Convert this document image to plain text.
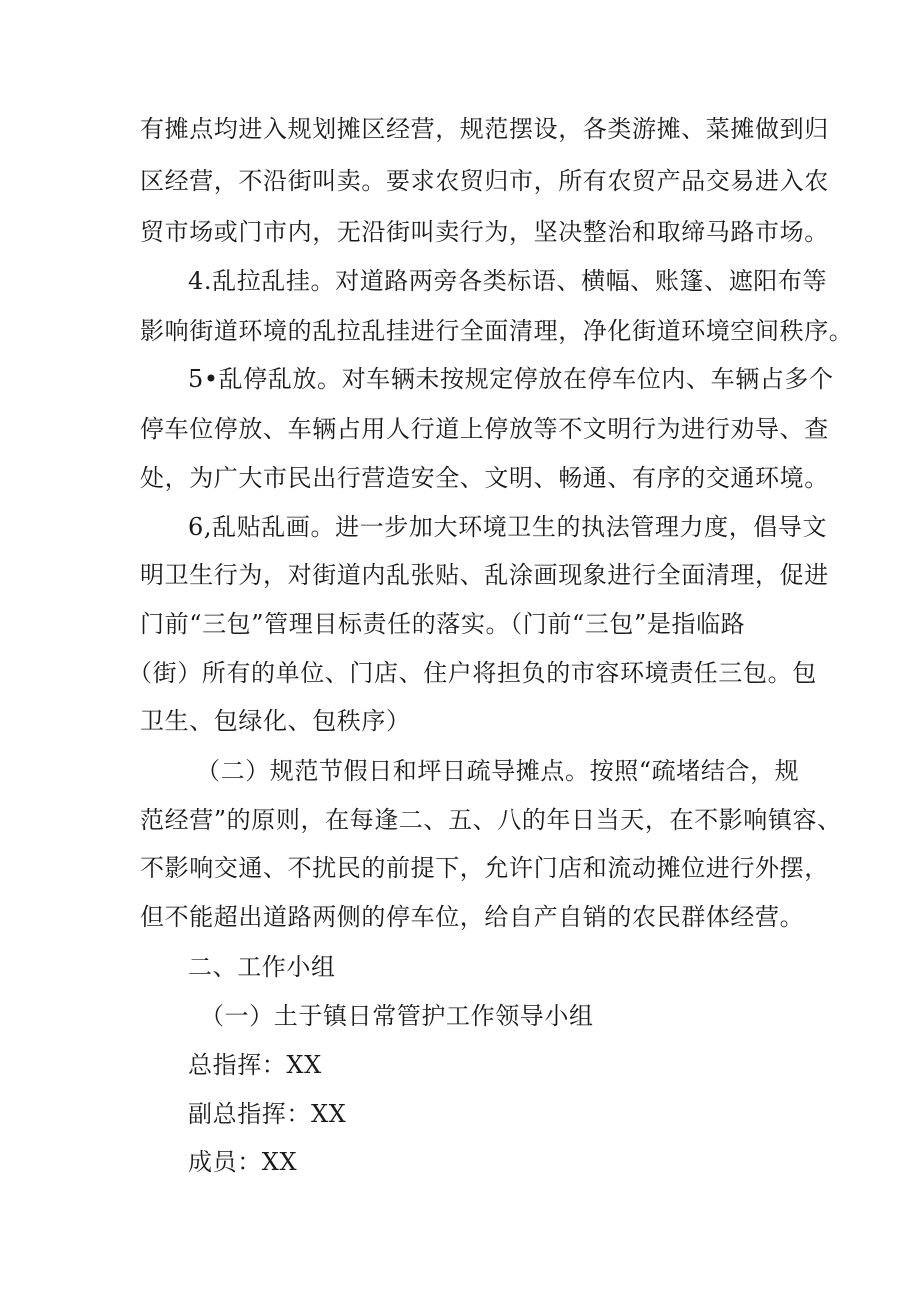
有摊点均进入规划摊区经营，规范摆设，各类游摊、菜摊做到归

区经营，不沿街叫卖。要求农贸归市，所有农贸产品交易进入农

贸市场或门市内，无沿街叫卖行为，坚决整治和取缔马路市场。

4.乱拉乱挂。对道路两旁各类标语、横幅、账篷、遮阳布等

影响街道环境的乱拉乱挂进行全面清理，净化街道环境空间秩序。

5•乱停乱放。对车辆未按规定停放在停车位内、车辆占多个

停车位停放、车辆占用人行道上停放等不文明行为进行劝导、查

处，为广大市民出行营造安全、文明、畅通、有序的交通环境。

6,乱贴乱画。进一步加大环境卫生的执法管理力度，倡导文

明卫生行为，对街道内乱张贴、乱涂画现象进行全面清理，促进

门前“三包”管理目标责任的落实。（门前“三包”是指临路

（街）所有的单位、门店、住户将担负的市容环境责任三包。包

卫生、包绿化、包秩序）

（二）规范节假日和坪日疏导摊点。按照“疏堵结合，规

范经营”的原则，在每逢二、五、八的年日当天，在不影响镇容、

不影响交通、不扰民的前提下，允许门店和流动摊位进行外摆，

但不能超出道路两侧的停车位，给自产自销的农民群体经营。

二、工作小组

（一）土于镇日常管护工作领导小组

总指挥：XX

副总指挥：XX

成员：XX
